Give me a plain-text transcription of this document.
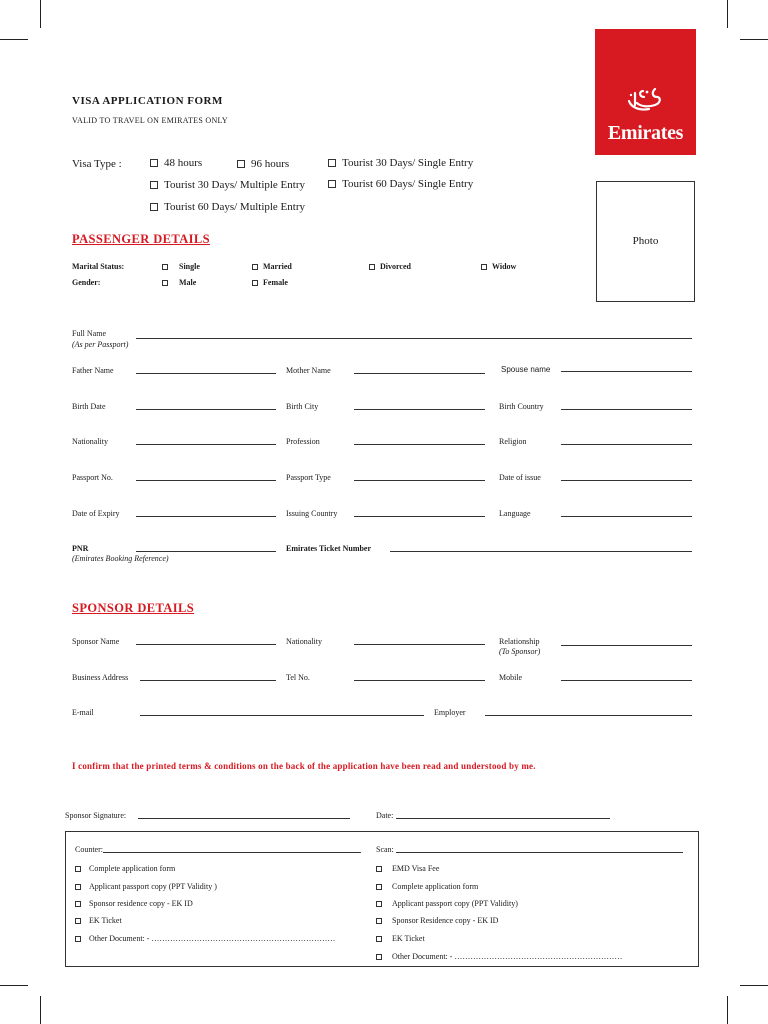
VISA APPLICATION FORM
VALID TO TRAVEL ON EMIRATES ONLY
Emirates
Photo
Visa Type :	48 hours	96 hours	Tourist 30 Days/ Single Entry
Tourist 30 Days/ Multiple Entry	Tourist 60 Days/ Single Entry
Tourist 60 Days/ Multiple Entry
PASSENGER DETAILS
Marital Status:	Single	Married	Divorced	Widow
Gender:	Male	Female
Full Name
(As per Passport)
Father Name	Mother Name	Spouse name
Birth Date	Birth City	Birth Country
Nationality	Profession	Religion
Passport No.	Passport Type	Date of issue
Date of Expiry	Issuing Country	Language
PNR
(Emirates Booking Reference)
Emirates Ticket Number
SPONSOR DETAILS
Sponsor Name	Nationality	Relationship
(To Sponsor)
Business Address	Tel No.	Mobile
E-mail	Employer
I confirm that the printed terms & conditions on the back of the application have been read and understood by me.
Sponsor Signature:	Date:
Counter:	Scan:
Complete application form
Applicant passport copy (PPT Validity )
Sponsor residence copy - EK ID
EK Ticket
Other Document: - ……………………………………………………………
EMD Visa Fee
Complete application form
Applicant passport copy (PPT Validity)
Sponsor Residence copy - EK ID
EK Ticket
Other Document: - ………………………………………………………
